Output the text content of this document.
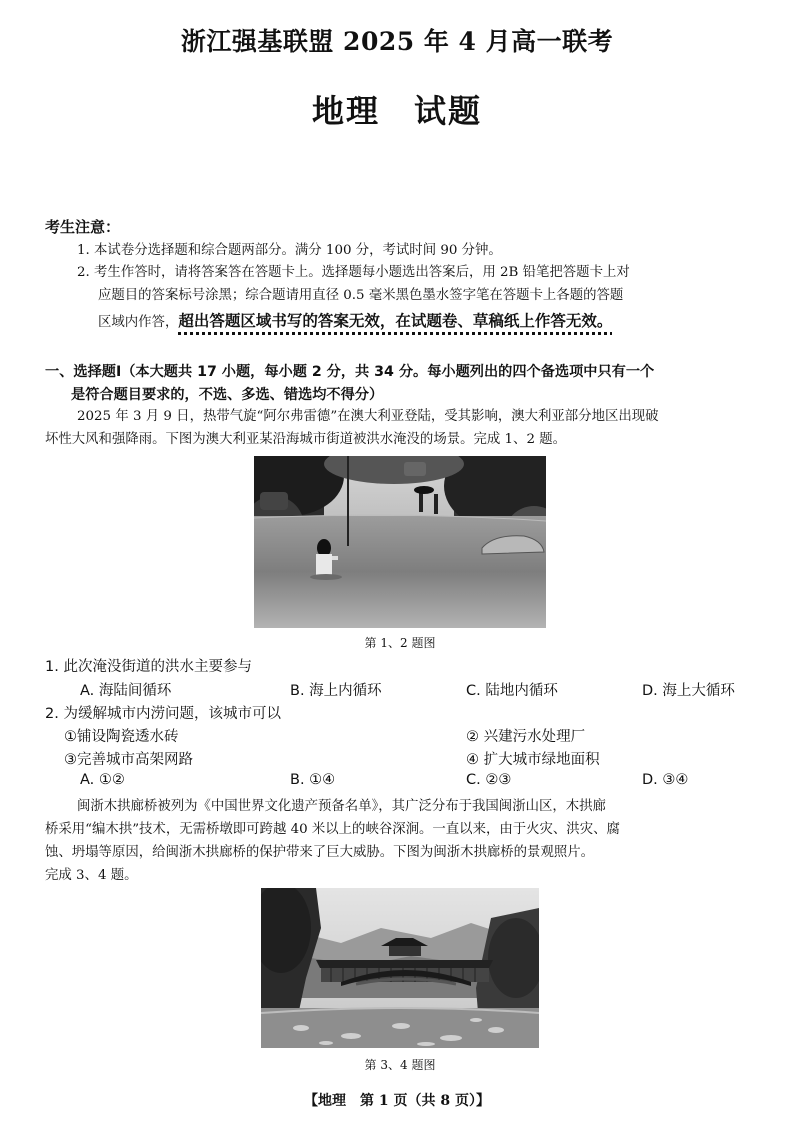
浙江强基联盟 2025 年 4 月高一联考
地理　试题
考生注意：
1. 本试卷分选择题和综合题两部分。满分 100 分，考试时间 90 分钟。
2. 考生作答时，请将答案答在答题卡上。选择题每小题选出答案后，用 2B 铅笔把答题卡上对
应题目的答案标号涂黑；综合题请用直径 0.5 毫米黑色墨水签字笔在答题卡上各题的答题
区域内作答，超出答题区域书写的答案无效，在试题卷、草稿纸上作答无效。
一、选择题Ⅰ（本大题共 17 小题，每小题 2 分，共 34 分。每小题列出的四个备选项中只有一个
是符合题目要求的，不选、多选、错选均不得分）
2025 年 3 月 9 日，热带气旋“阿尔弗雷德”在澳大利亚登陆，受其影响，澳大利亚部分地区出现破
坏性大风和强降雨。下图为澳大利亚某沿海城市街道被洪水淹没的场景。完成 1、2 题。
第 1、2 题图
1. 此次淹没街道的洪水主要参与
A. 海陆间循环	B. 海上内循环	C. 陆地内循环	D. 海上大循环
2. 为缓解城市内涝问题，该城市可以
①铺设陶瓷透水砖	② 兴建污水处理厂
③完善城市高架网路	④ 扩大城市绿地面积
A. ①②	B. ①④	C. ②③	D. ③④
闽浙木拱廊桥被列为《中国世界文化遗产预备名单》，其广泛分布于我国闽浙山区，木拱廊
桥采用“编木拱”技术，无需桥墩即可跨越 40 米以上的峡谷深涧。一直以来，由于火灾、洪灾、腐
蚀、坍塌等原因，给闽浙木拱廊桥的保护带来了巨大威胁。下图为闽浙木拱廊桥的景观照片。
完成 3、4 题。
第 3、4 题图
【地理　第 1 页（共 8 页）】
